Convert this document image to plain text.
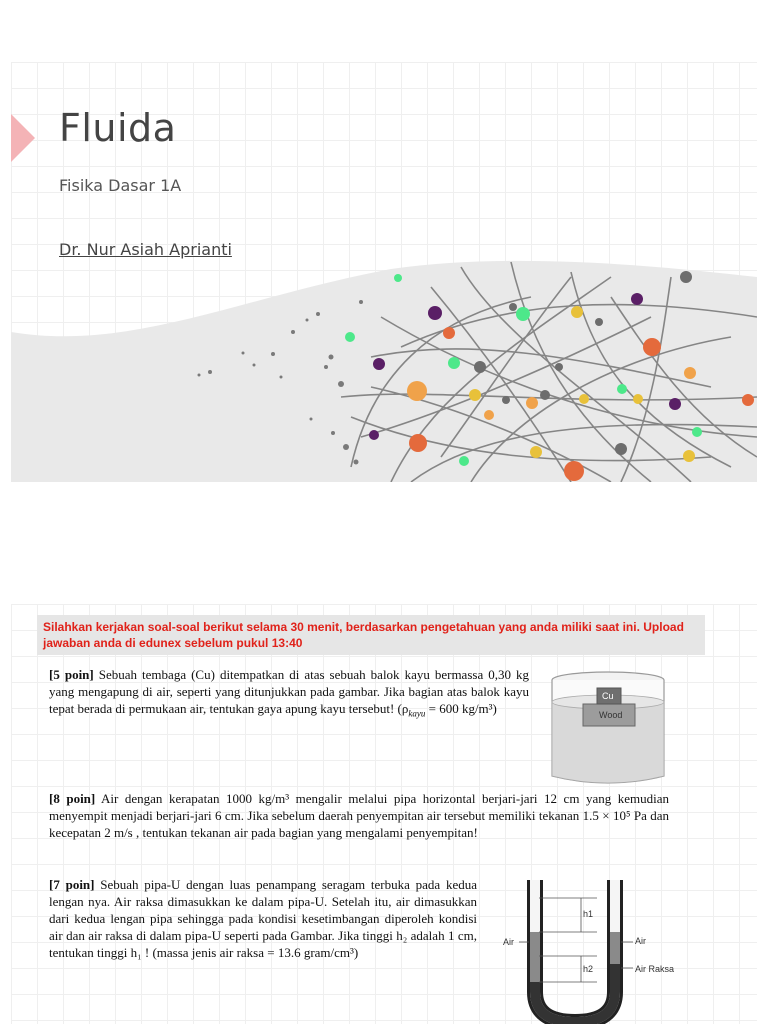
Fluida
Fisika Dasar 1A
Dr. Nur Asiah Aprianti
Silahkan kerjakan soal-soal berikut selama 30 menit, berdasarkan pengetahuan yang anda miliki saat ini. Upload jawaban anda di edunex sebelum pukul 13:40
[5 poin] Sebuah tembaga (Cu) ditempatkan di atas sebuah balok kayu bermassa 0,30 kg yang mengapung di air, seperti yang ditunjukkan pada gambar. Jika bagian atas balok kayu tepat berada di permukaan air, tentukan gaya apung kayu tersebut! ($\rho_{kayu} = 600$ kg/m³)
Cu
Wood
[8 poin] Air dengan kerapatan 1000 kg/m³ mengalir melalui pipa horizontal berjari-jari 12 cm yang kemudian menyempit menjadi berjari-jari 6 cm. Jika sebelum daerah penyempitan air tersebut memiliki tekanan 1.5 × 10⁵ Pa dan kecepatan 2 m/s , tentukan tekanan air pada bagian yang mengalami penyempitan!
[7 poin] Sebuah pipa-U dengan luas penampang seragam terbuka pada kedua lengan nya. Air raksa dimasukkan ke dalam pipa-U. Setelah itu, air dimasukkan dari kedua lengan pipa sehingga pada kondisi kesetimbangan diperoleh kondisi air dan air raksa di dalam pipa-U seperti pada Gambar. Jika tinggi h₂ adalah 1 cm, tentukan tinggi h₁ ! (massa jenis air raksa = 13.6 gram/cm³)
h1
h2
Air	Air
Air Raksa
